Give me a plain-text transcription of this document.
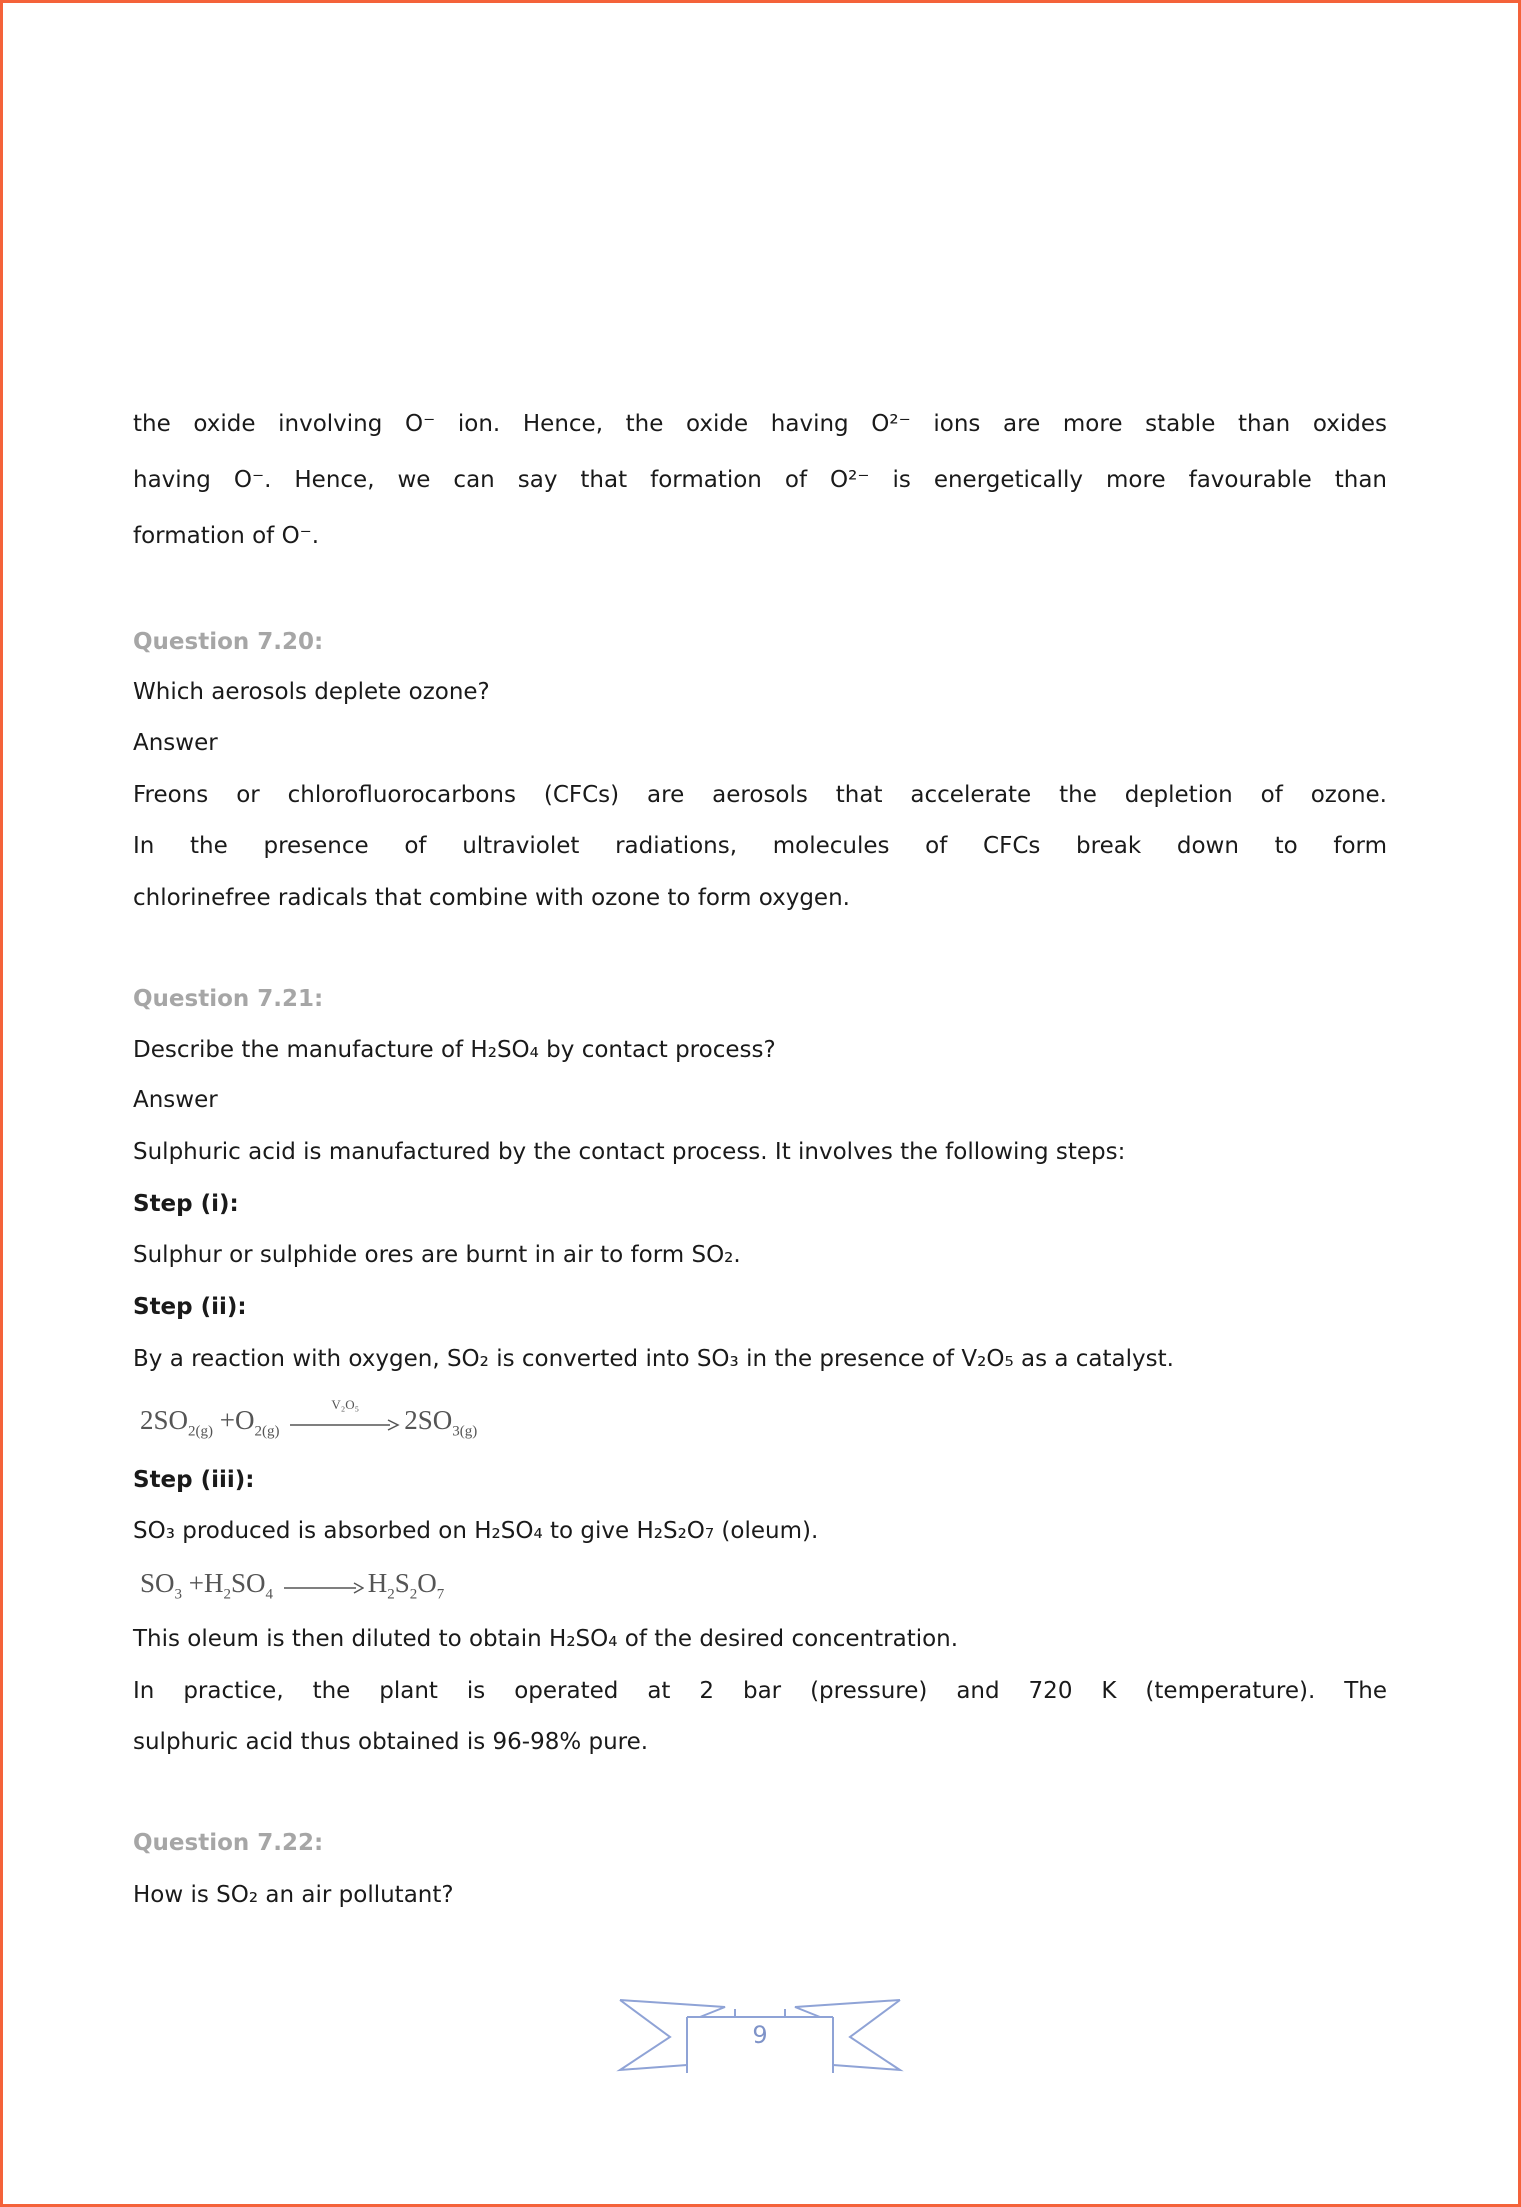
the oxide involving O⁻ ion. Hence, the oxide having O²⁻ ions are more stable than oxides
having O⁻. Hence, we can say that formation of O²⁻ is energetically more favourable than
formation of O⁻.
Question 7.20:
Which aerosols deplete ozone?
Answer
Freons or chlorofluorocarbons (CFCs) are aerosols that accelerate the depletion of ozone.
In the presence of ultraviolet radiations, molecules of CFCs break down to form
chlorinefree radicals that combine with ozone to form oxygen.
Question 7.21:
Describe the manufacture of H₂SO₄ by contact process?
Answer
Sulphuric acid is manufactured by the contact process. It involves the following steps:
Step (i):
Sulphur or sulphide ores are burnt in air to form SO₂.
Step (ii):
By a reaction with oxygen, SO₂ is converted into SO₃ in the presence of V₂O₅ as a catalyst.
$2SO_{2(g)} +O_{2(g)}$
V₂O₅
$2SO_{3(g)}$
Step (iii):
SO₃ produced is absorbed on H₂SO₄ to give H₂S₂O₇ (oleum).
$SO_3 +H_2SO_4 \to H_2S_2O_7$
This oleum is then diluted to obtain H₂SO₄ of the desired concentration.
In practice, the plant is operated at 2 bar (pressure) and 720 K (temperature). The
sulphuric acid thus obtained is 96-98% pure.
Question 7.22:
How is SO₂ an air pollutant?
9
